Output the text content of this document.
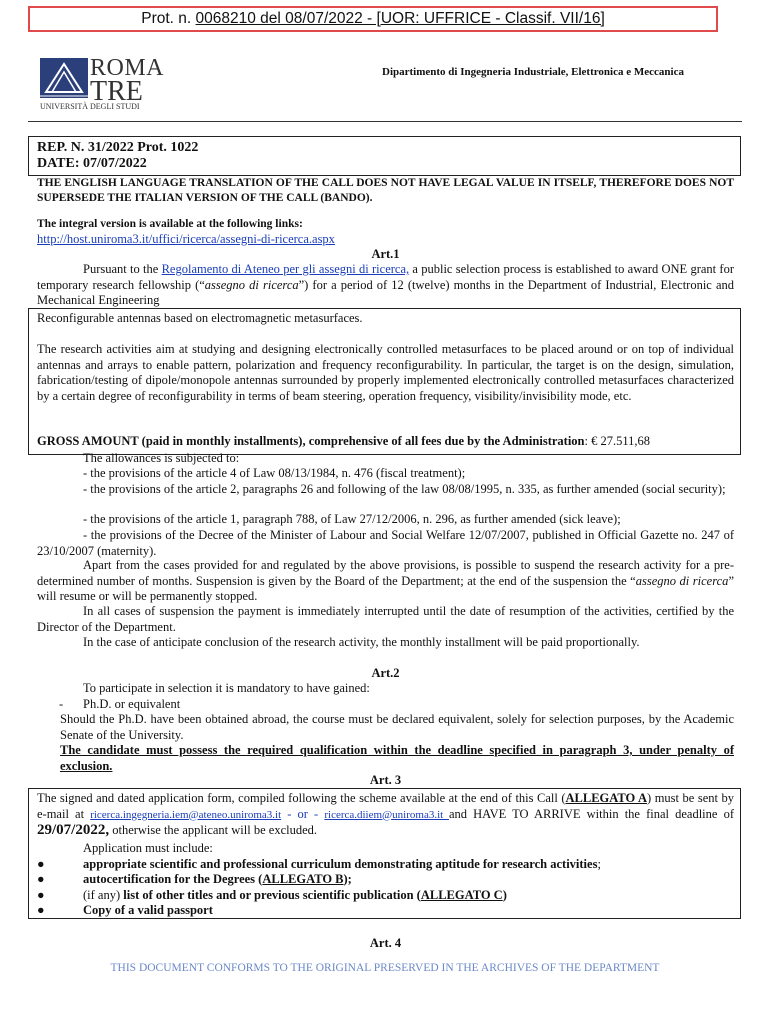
Prot. n. 0068210 del 08/07/2022 - [UOR: UFFRICE - Classif. VII/16]
ROMA
TRE
UNIVERSITÀ DEGLI STUDI
Dipartimento di Ingegneria Industriale, Elettronica e Meccanica
REP. N. 31/2022 Prot. 1022
DATE: 07/07/2022
THE ENGLISH LANGUAGE TRANSLATION OF THE CALL DOES NOT HAVE LEGAL VALUE IN ITSELF, THEREFORE DOES NOT SUPERSEDE THE ITALIAN VERSION OF THE CALL (BANDO).
The integral version is available at the following links:
http://host.uniroma3.it/uffici/ricerca/assegni-di-ricerca.aspx
Art.1
Pursuant to the Regolamento di Ateneo per gli assegni di ricerca, a public selection process is established to award ONE grant for temporary research fellowship (“assegno di ricerca”) for a period of 12 (twelve) months in the Department of Industrial, Electronic and Mechanical Engineering
Reconfigurable antennas based on electromagnetic metasurfaces.
The research activities aim at studying and designing electronically controlled metasurfaces to be placed around or on top of individual antennas and arrays to enable pattern, polarization and frequency reconfigurability. In particular, the target is on the design, simulation, fabrication/testing of dipole/monopole antennas surrounded by properly implemented electronically controlled metasurfaces characterized by a certain degree of reconfigurability in terms of beam steering, operation frequency, visibility/invisibility mode, etc.
GROSS AMOUNT (paid in monthly installments), comprehensive of all fees due by the Administration: € 27.511,68
The allowances is subjected to:
- the provisions of the article 4 of Law 08/13/1984, n. 476 (fiscal treatment);
- the provisions of the article 2, paragraphs 26 and following of the law 08/08/1995, n. 335, as further amended (social security);
- the provisions of the article 1, paragraph 788, of Law 27/12/2006, n. 296, as further amended (sick leave);
- the provisions of the Decree of the Minister of Labour and Social Welfare 12/07/2007, published in Official Gazette no. 247 of 23/10/2007 (maternity).
Apart from the cases provided for and regulated by the above provisions, is possible to suspend the research activity for a pre-determined number of months. Suspension is given by the Board of the Department; at the end of the suspension the “assegno di ricerca” will resume or will be permanently stopped.
In all cases of suspension the payment is immediately interrupted until the date of resumption of the activities, certified by the Director of the Department.
In the case of anticipate conclusion of the research activity, the monthly installment will be paid proportionally.
Art.2
To participate in selection it is mandatory to have gained:
- Ph.D. or equivalent
Should the Ph.D. have been obtained abroad, the course must be declared equivalent, solely for selection purposes, by the Academic Senate of the University.
The candidate must possess the required qualification within the deadline specified in paragraph 3, under penalty of exclusion.
Art. 3
The signed and dated application form, compiled following the scheme available at the end of this Call (ALLEGATO A) must be sent by e-mail at ricerca.ingegneria.iem@ateneo.uniroma3.it - or - ricerca.diiem@uniroma3.it and HAVE TO ARRIVE within the final deadline of 29/07/2022, otherwise the applicant will be excluded.
Application must include:
●	appropriate scientific and professional curriculum demonstrating aptitude for research activities;
●	autocertification for the Degrees (ALLEGATO B);
●	(if any) list of other titles and or previous scientific publication (ALLEGATO C)
●	Copy of a valid passport
Art. 4
THIS DOCUMENT CONFORMS TO THE ORIGINAL PRESERVED IN THE ARCHIVES OF THE DEPARTMENT
